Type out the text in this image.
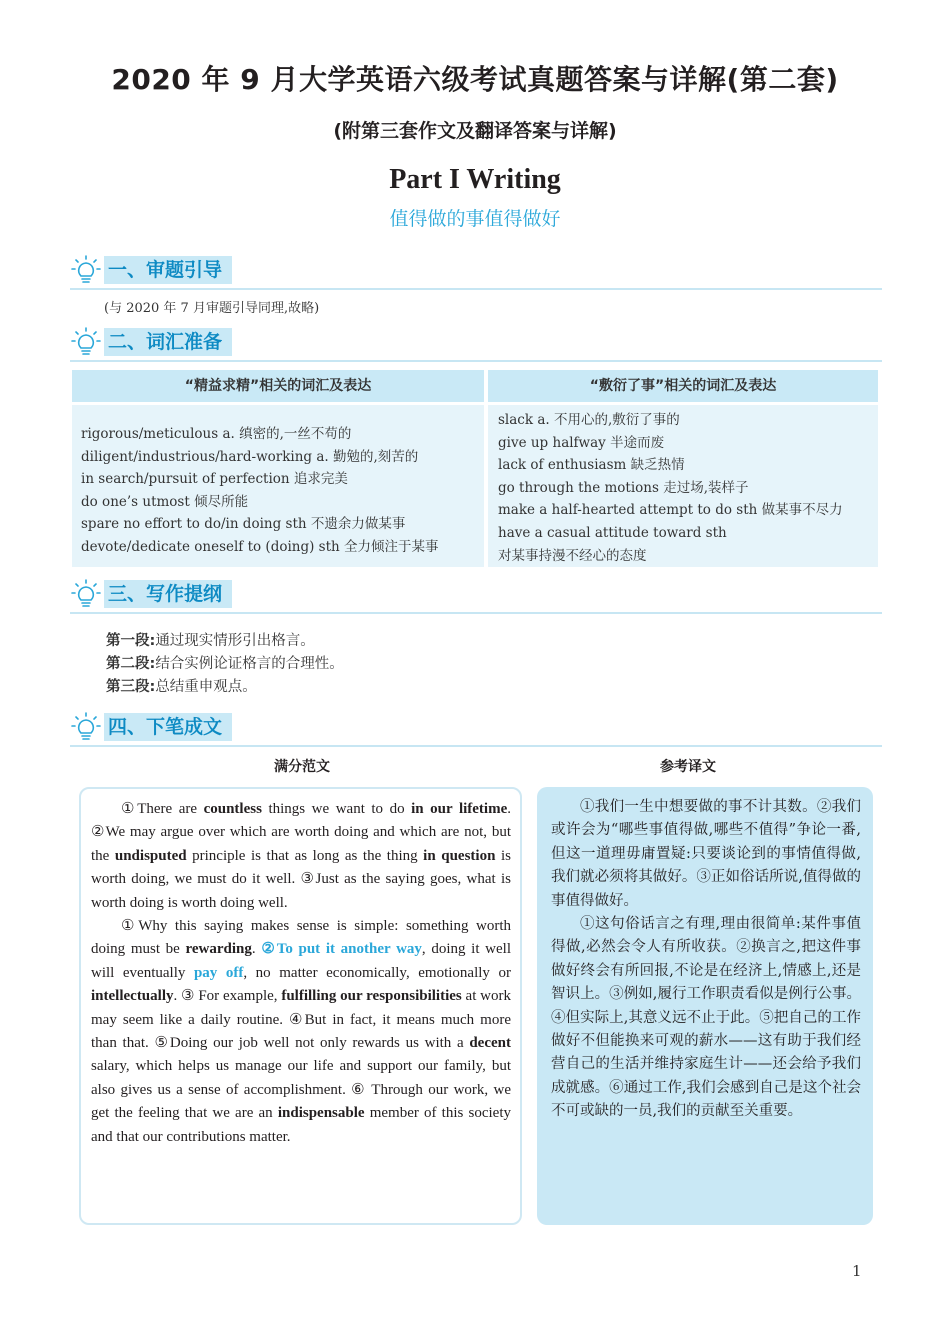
2020 年 9 月大学英语六级考试真题答案与详解(第二套)
(附第三套作文及翻译答案与详解)
Part I Writing
值得做的事值得做好
一、审题引导
(与 2020 年 7 月审题引导同理,故略)
二、词汇准备
“精益求精”相关的词汇及表达	“敷衍了事”相关的词汇及表达
rigorous/meticulous a. 缜密的,一丝不苟的
diligent/industrious/hard-working a. 勤勉的,刻苦的
in search/pursuit of perfection 追求完美
do one’s utmost 倾尽所能
spare no effort to do/in doing sth 不遗余力做某事
devote/dedicate oneself to (doing) sth 全力倾注于某事
slack a. 不用心的,敷衍了事的
give up halfway 半途而废
lack of enthusiasm 缺乏热情
go through the motions 走过场,装样子
make a half-hearted attempt to do sth 做某事不尽力
have a casual attitude toward sth
对某事持漫不经心的态度
三、写作提纲
第一段:通过现实情形引出格言。
第二段:结合实例论证格言的合理性。
第三段:总结重申观点。
四、下笔成文
满分范文	参考译文

①There are countless things we want to do in our lifetime. ②We may argue over which are worth doing and which are not, but the undisputed principle is that as long as the thing in question is worth doing, we must do it well. ③Just as the saying goes, what is worth doing is worth doing well.

①Why this saying makes sense is simple: something worth doing must be rewarding. ②To put it another way, doing it well will eventually pay off, no matter economically, emotionally or intellectually. ③ For example, fulfilling our responsibilities at work may seem like a daily routine. ④But in fact, it means much more than that. ⑤Doing our job well not only rewards us with a decent salary, which helps us manage our life and support our family, but also gives us a sense of accomplishment. ⑥ Through our work, we get the feeling that we are an indispensable member of this society and that our contributions matter.

①我们一生中想要做的事不计其数。②我们或许会为“哪些事值得做,哪些不值得”争论一番,但这一道理毋庸置疑:只要谈论到的事情值得做,我们就必须将其做好。③正如俗话所说,值得做的事值得做好。

①这句俗话言之有理,理由很简单:某件事值得做,必然会令人有所收获。②换言之,把这件事做好终会有所回报,不论是在经济上,情感上,还是智识上。③例如,履行工作职责看似是例行公事。④但实际上,其意义远不止于此。⑤把自己的工作做好不但能换来可观的薪水——这有助于我们经营自己的生活并维持家庭生计——还会给予我们成就感。⑥通过工作,我们会感到自己是这个社会不可或缺的一员,我们的贡献至关重要。

1
